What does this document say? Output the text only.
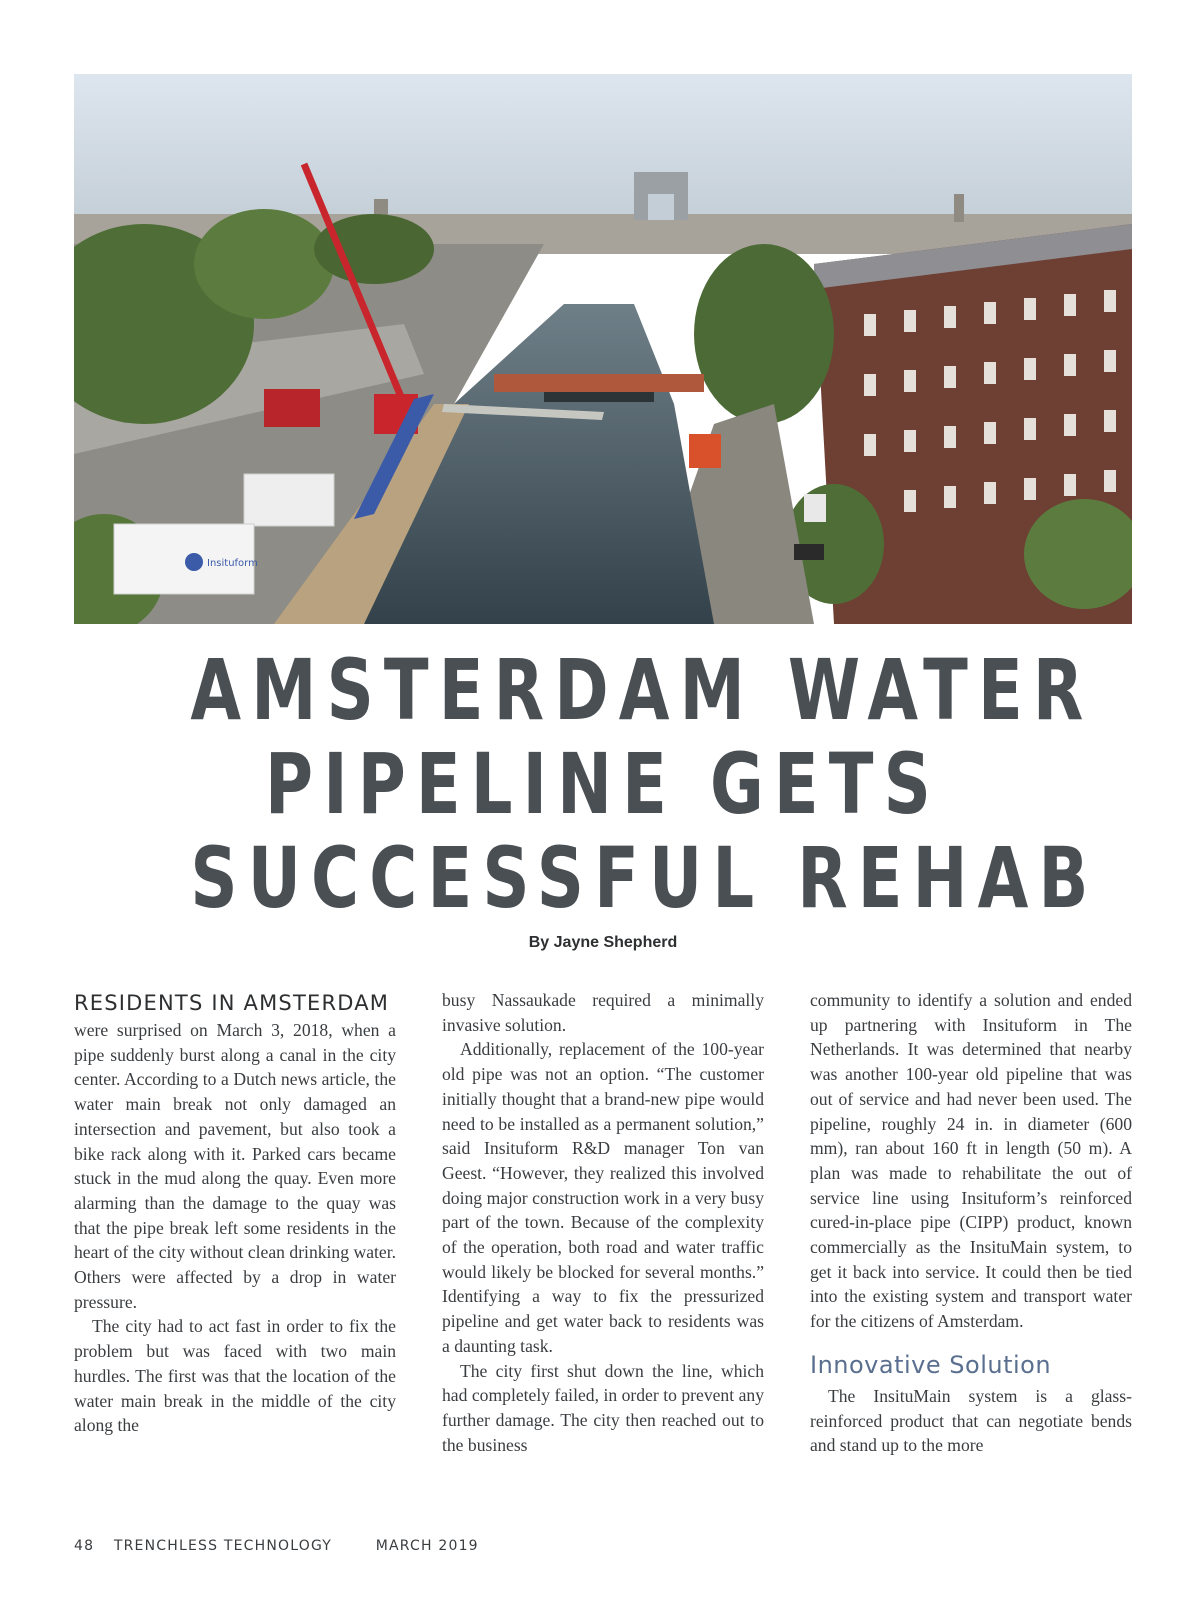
Insituform
AMSTERDAM WATER
PIPELINE GETS
SUCCESSFUL REHAB
By Jayne Shepherd
RESIDENTS IN AMSTERDAM

were surprised on March 3, 2018, when a pipe suddenly burst along a canal in the city center. According to a Dutch news article, the water main break not only damaged an intersection and pavement, but also took a bike rack along with it. Parked cars became stuck in the mud along the quay. Even more alarming than the damage to the quay was that the pipe break left some residents in the heart of the city without clean drinking water. Others were affected by a drop in water pressure.

The city had to act fast in order to fix the problem but was faced with two main hurdles. The first was that the location of the water main break in the middle of the city along the

busy Nassaukade required a minimally invasive solution.

Additionally, replacement of the 100-year old pipe was not an option. “The customer initially thought that a brand-new pipe would need to be installed as a permanent solution,” said Insituform R&D manager Ton van Geest. “However, they realized this involved doing major construction work in a very busy part of the town. Because of the complexity of the operation, both road and water traffic would likely be blocked for several months.” Identifying a way to fix the pressurized pipeline and get water back to residents was a daunting task.

The city first shut down the line, which had completely failed, in order to prevent any further damage. The city then reached out to the business

community to identify a solution and ended up partnering with Insituform in The Netherlands. It was determined that nearby was another 100-year old pipeline that was out of service and had never been used. The pipeline, roughly 24 in. in diameter (600 mm), ran about 160 ft in length (50 m). A plan was made to rehabilitate the out of service line using Insituform’s reinforced cured-in-place pipe (CIPP) product, known commercially as the InsituMain system, to get it back into service. It could then be tied into the existing system and transport water for the citizens of Amsterdam.

Innovative Solution

The InsituMain system is a glass-reinforced product that can negotiate bends and stand up to the more

48 TRENCHLESS TECHNOLOGY	MARCH 2019
